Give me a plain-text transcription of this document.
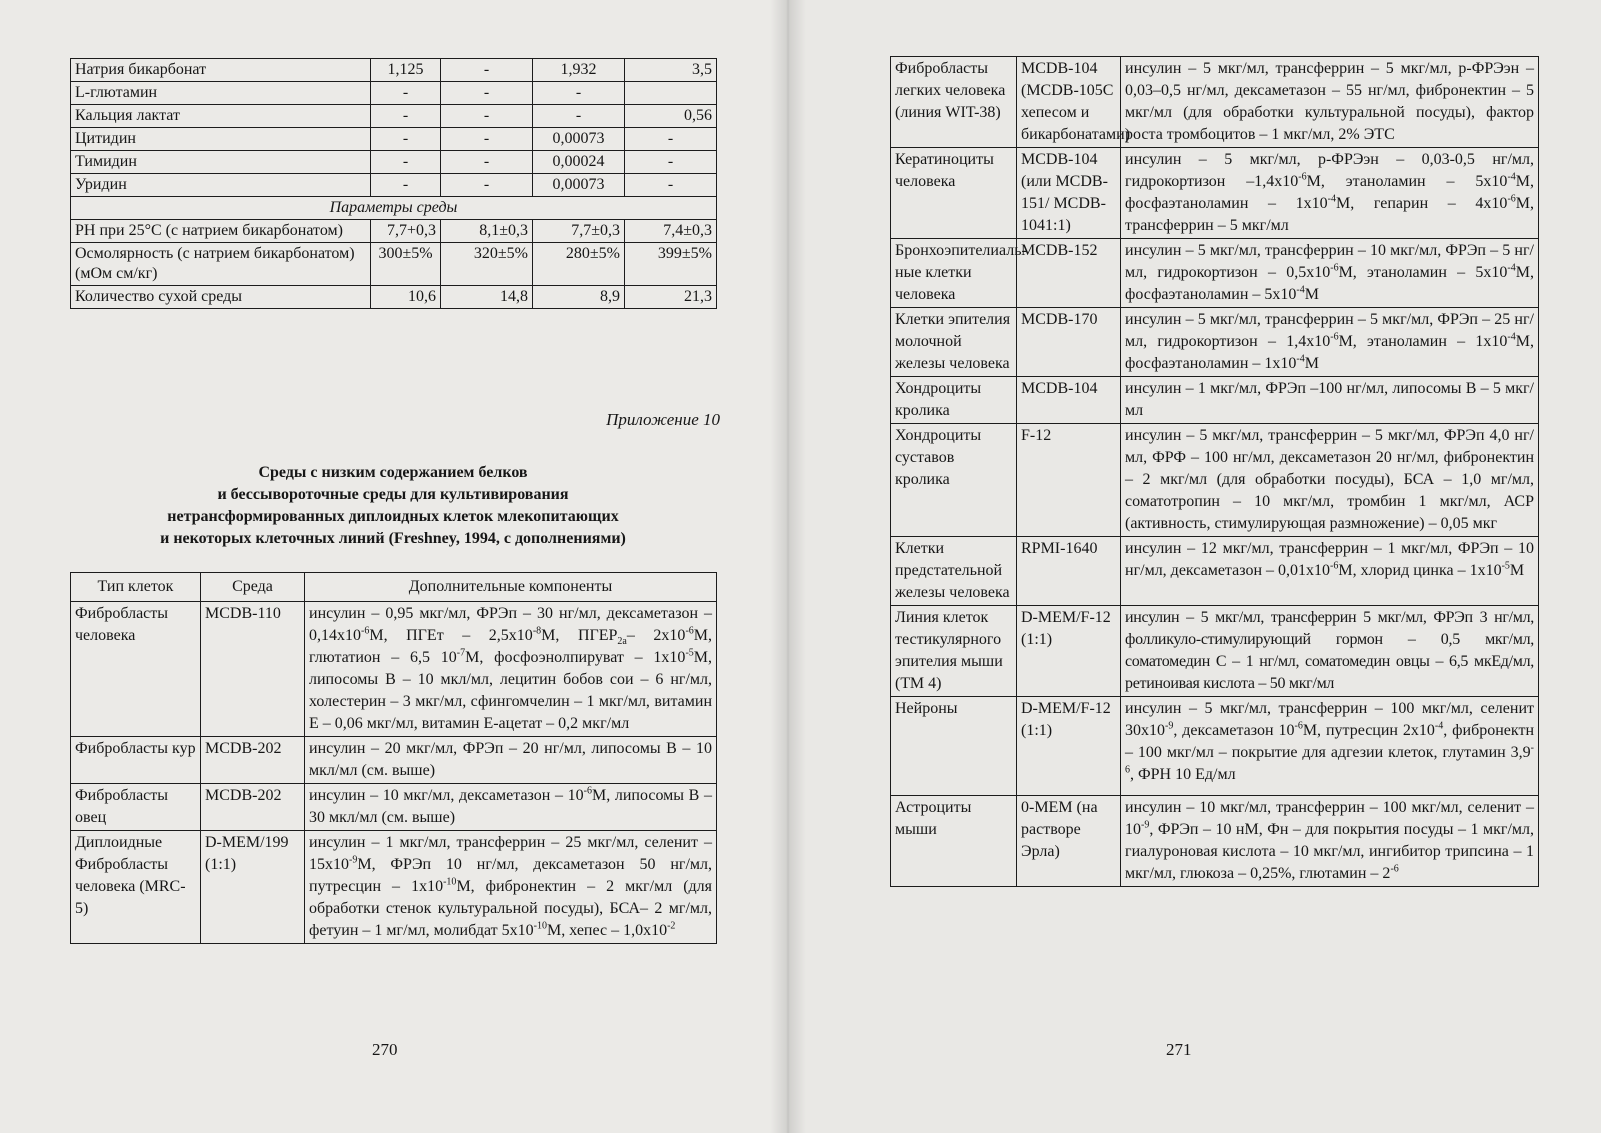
Натрия бикарбонат	1,125	-	1,932	3,5
L-глютамин	-	-	-	
Кальция лактат	-	-	-	0,56
Цитидин	-	-	0,00073	-
Тимидин	-	-	0,00024	-
Уридин	-	-	0,00073	-
Параметры среды				
РН при 25°С (с натрием бикарбонатом)	7,7+0,3	8,1±0,3	7,7±0,3	7,4±0,3
Осмолярность (с натрием бикарбонатом) (мОм см/кг)	300±5%	320±5%	280±5%	399±5%
Количество сухой среды	10,6	14,8	8,9	21,3
Приложение 10
Среды с низким содержанием белков
и бессывороточные среды для культивирования
нетрансформированных диплоидных клеток млекопитающих
и некоторых клеточных линий (Freshney, 1994, с дополнениями)
Тип клеток	Среда	Дополнительные компоненты
Фибробласты человека	MCDB-110	инсулин – 0,95 мкг/мл, ФРЭп – 30 нг/мл, дексаметазон – $0,14х10^{-6}М$, ПГЕт – $2,5х10^{-8}М$, $ПГЕР_{2а}-$ $2х10^{-6}М$, глютатион – 6,5 $10^{-7}М$, фосфоэнолпируват – $1х10^{-5}М$, липосомы В – 10 мкл/мл, лецитин бобов сои – 6 нг/мл, холестерин – 3 мкг/мл, сфингомчелин – 1 мкг/мл, витамин Е – 0,06 мкг/мл, витамин Е-ацетат – 0,2 мкг/мл
Фибробласты кур	MCDB-202	инсулин – 20 мкг/мл, ФРЭп – 20 нг/мл, липосомы В – 10 мкл/мл (см. выше)
Фибробласты овец	MCDB-202	инсулин – 10 мкг/мл, дексаметазон – $10^{-6}М$, липосомы В – 30 мкл/мл (см. выше)
Диплоидные Фибробласты человека (MRC-5)	D-MEM/199 (1:1)	инсулин – 1 мкг/мл, трансферрин – 25 мкг/мл, селенит – $15х10^{-9}М$, ФРЭп 10 нг/мл, дексаметазон 50 нг/мл, путресцин – $1х10^{-10}М$, фибронектин – 2 мкг/мл (для обработки стенок культуральной посуды), БСА– 2 мг/мл, фетуин – 1 мг/мл, молибдат $5х10^{-10}М$, хепес – $1,0х10^{-2}$
270	271
Фибробласты легких человека (линия WIT-38)	MCDB-104 (MCDB-105C хепесом и бикарбонатами)	инсулин – 5 мкг/мл, трансферрин – 5 мкг/мл, р-ФРЭэн – 0,03–0,5 нг/мл, дексаметазон – 55 нг/мл, фибронектин – 5 мкг/мл (для обработки культуральной посуды), фактор роста тромбоцитов – 1 мкг/мл, 2% ЭТС
Кератиноциты человека	MCDB-104 (или MCDB-151/ MCDB-1041:1)	инсулин – 5 мкг/мл, р-ФРЭэн – 0,03-0,5 нг/мл, гидрокортизон $-1,4х10^{-6}М$, этаноламин – $5х10^{-4}М$, фосфаэтаноламин – $1х10^{-4}М$, гепарин – $4х10^{-6}М$, трансферрин – 5 мкг/мл
Бронхоэпителиаль-ные клетки человека	MCDB-152	инсулин – 5 мкг/мл, трансферрин – 10 мкг/мл, ФРЭп – 5 нг/мл, гидрокортизон – $0,5х10^{-6}М$, этаноламин – $5х10^{-4}М$, фосфаэтаноламин – $5х10^{-4}М$
Клетки эпителия молочной железы человека	MCDB-170	инсулин – 5 мкг/мл, трансферрин – 5 мкг/мл, ФРЭп – 25 нг/мл, гидрокортизон – $1,4х10^{-6}М$, этаноламин – $1х10^{-4}М$, фосфаэтаноламин – $1х10^{-4}М$
Хондроциты кролика	MCDB-104	инсулин – 1 мкг/мл, ФРЭп –100 нг/мл, липосомы В – 5 мкг/мл
Хондроциты суставов кролика	F-12	инсулин – 5 мкг/мл, трансферрин – 5 мкг/мл, ФРЭп 4,0 нг/мл, ФРФ – 100 нг/мл, дексаметазон 20 нг/мл, фибронектин – 2 мкг/мл (для обработки посуды), БСА – 1,0 мг/мл, соматотропин – 10 мкг/мл, тромбин 1 мкг/мл, АСР (активность, стимулирующая размножение) – 0,05 мкг
Клетки предстательной железы человека	RPMI-1640	инсулин – 12 мкг/мл, трансферрин – 1 мкг/мл, ФРЭп – 10 нг/мл, дексаметазон – $0,01х10^{-6}М$, хлорид цинка – $1х10^{-5}М$
Линия клеток тестикулярного эпителия мыши (ТМ 4)	D-MEM/F-12 (1:1)	инсулин – 5 мкг/мл, трансферрин 5 мкг/мл, ФРЭп 3 нг/мл, фолликуло-стимулирующий гормон – 0,5 мкг/мл, соматомедин С – 1 нг/мл, соматомедин овцы – 6,5 мкЕд/мл, ретиноивая кислота – 50 мкг/мл
Нейроны	D-MEM/F-12 (1:1)	инсулин – 5 мкг/мл, трансферрин – 100 мкг/мл, селенит $30х10^{-9}$, дексаметазон $10^{-6}М$, путресцин $2х10^{-4}$, фибронектн – 100 мкг/мл – покрытие для адгезии клеток, глутамин $3,9^{-6}$, ФРН 10 Ед/мл
Астроциты мыши	0-MEM (на растворе Эрла)	инсулин – 10 мкг/мл, трансферрин – 100 мкг/мл, селенит – $10^{-9}$, ФРЭп – 10 нМ, Фн – для покрытия посуды – 1 мкг/мл, гиалуроновая кислота – 10 мкг/мл, ингибитор трипсина – 1 мкг/мл, глюкоза – 0,25%, глютамин – $2^{-6}$
